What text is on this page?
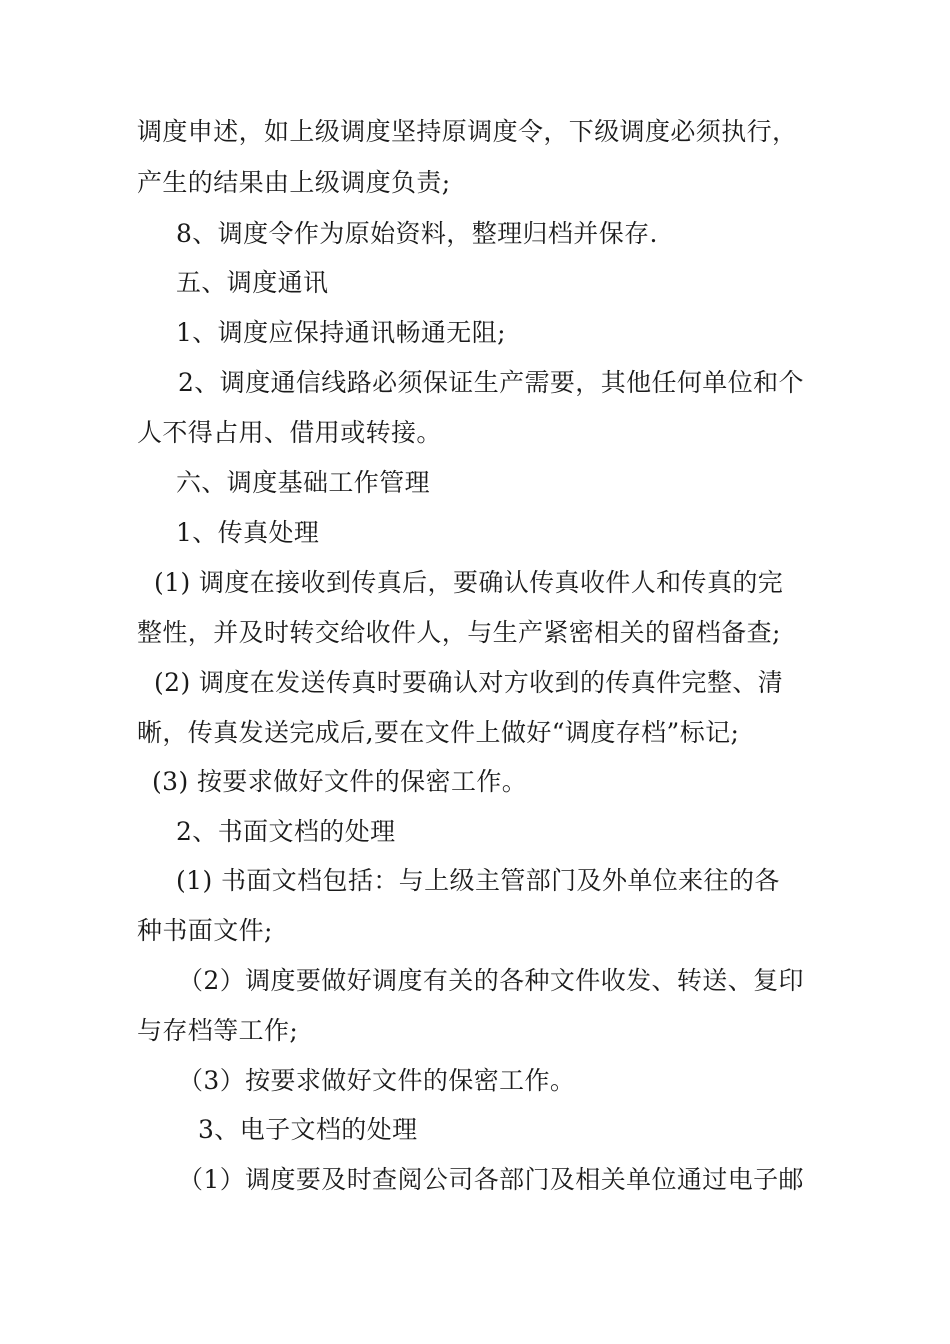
调度申述，如上级调度坚持原调度令，下级调度必须执行，
产生的结果由上级调度负责;
8、调度令作为原始资料，整理归档并保存.
五、调度通讯
1、调度应保持通讯畅通无阻;
2、调度通信线路必须保证生产需要，其他任何单位和个
人不得占用、借用或转接。
六、调度基础工作管理
1、传真处理
(1) 调度在接收到传真后，要确认传真收件人和传真的完
整性，并及时转交给收件人，与生产紧密相关的留档备查;
(2) 调度在发送传真时要确认对方收到的传真件完整、清
晰，传真发送完成后,要在文件上做好“调度存档”标记;
(3) 按要求做好文件的保密工作。
2、书面文档的处理
(1) 书面文档包括：与上级主管部门及外单位来往的各
种书面文件;
（2）调度要做好调度有关的各种文件收发、转送、复印
与存档等工作;
（3）按要求做好文件的保密工作。
3、电子文档的处理
（1）调度要及时查阅公司各部门及相关单位通过电子邮
